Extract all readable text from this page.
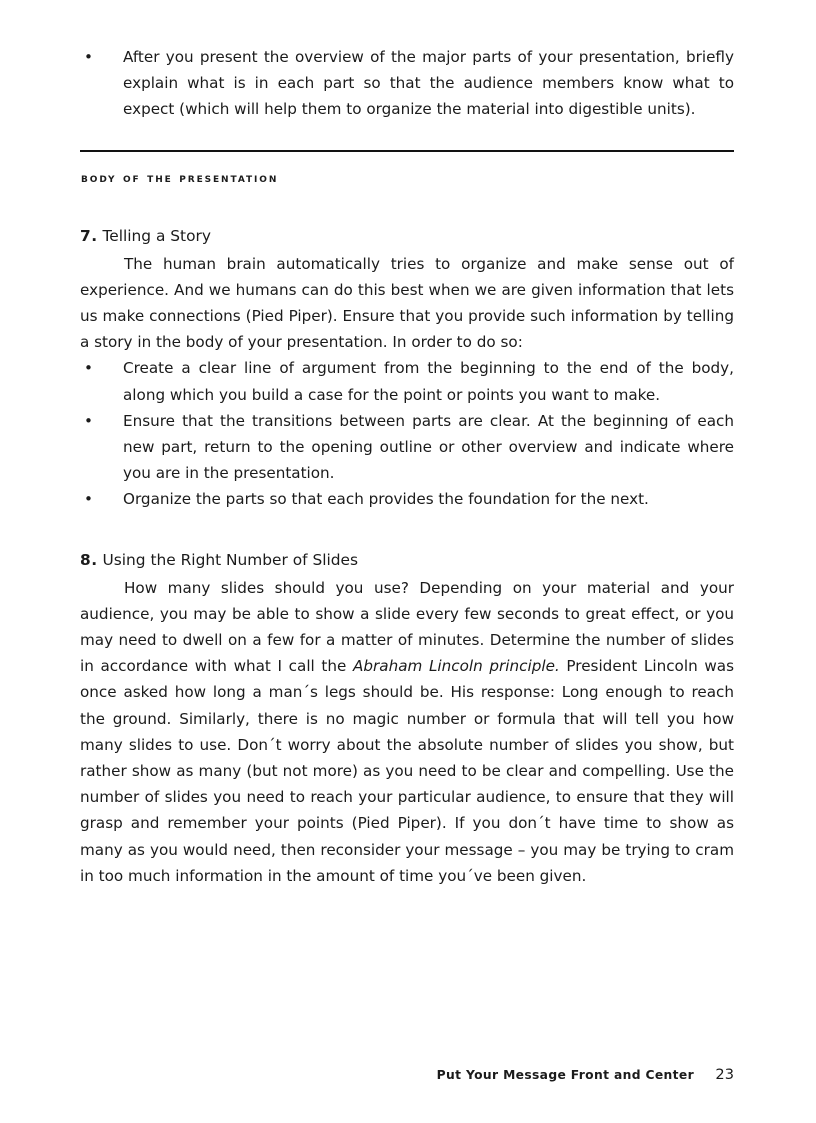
• After you present the overview of the major parts of your presentation, briefly explain what is in each part so that the audience members know what to expect (which will help them to organize the material into digestible units).
body of the presentation
7. Telling a Story

The human brain automatically tries to organize and make sense out of experience. And we humans can do this best when we are given information that lets us make connections (Pied Piper). Ensure that you provide such information by telling a story in the body of your presentation. In order to do so:

• Create a clear line of argument from the beginning to the end of the body, along which you build a case for the point or points you want to make.
• Ensure that the transitions between parts are clear. At the beginning of each new part, return to the opening outline or other overview and indicate where you are in the presentation.
• Organize the parts so that each provides the foundation for the next.
8. Using the Right Number of Slides

How many slides should you use? Depending on your material and your audience, you may be able to show a slide every few seconds to great effect, or you may need to dwell on a few for a matter of minutes. Determine the number of slides in accordance with what I call the Abraham Lincoln principle. President Lincoln was once asked how long a man´s legs should be. His response: Long enough to reach the ground. Similarly, there is no magic number or formula that will tell you how many slides to use. Don´t worry about the absolute number of slides you show, but rather show as many (but not more) as you need to be clear and compelling. Use the number of slides you need to reach your particular audience, to ensure that they will grasp and remember your points (Pied Piper). If you don´t have time to show as many as you would need, then reconsider your message – you may be trying to cram in too much information in the amount of time you´ve been given.

Put Your Message Front and Center 23
